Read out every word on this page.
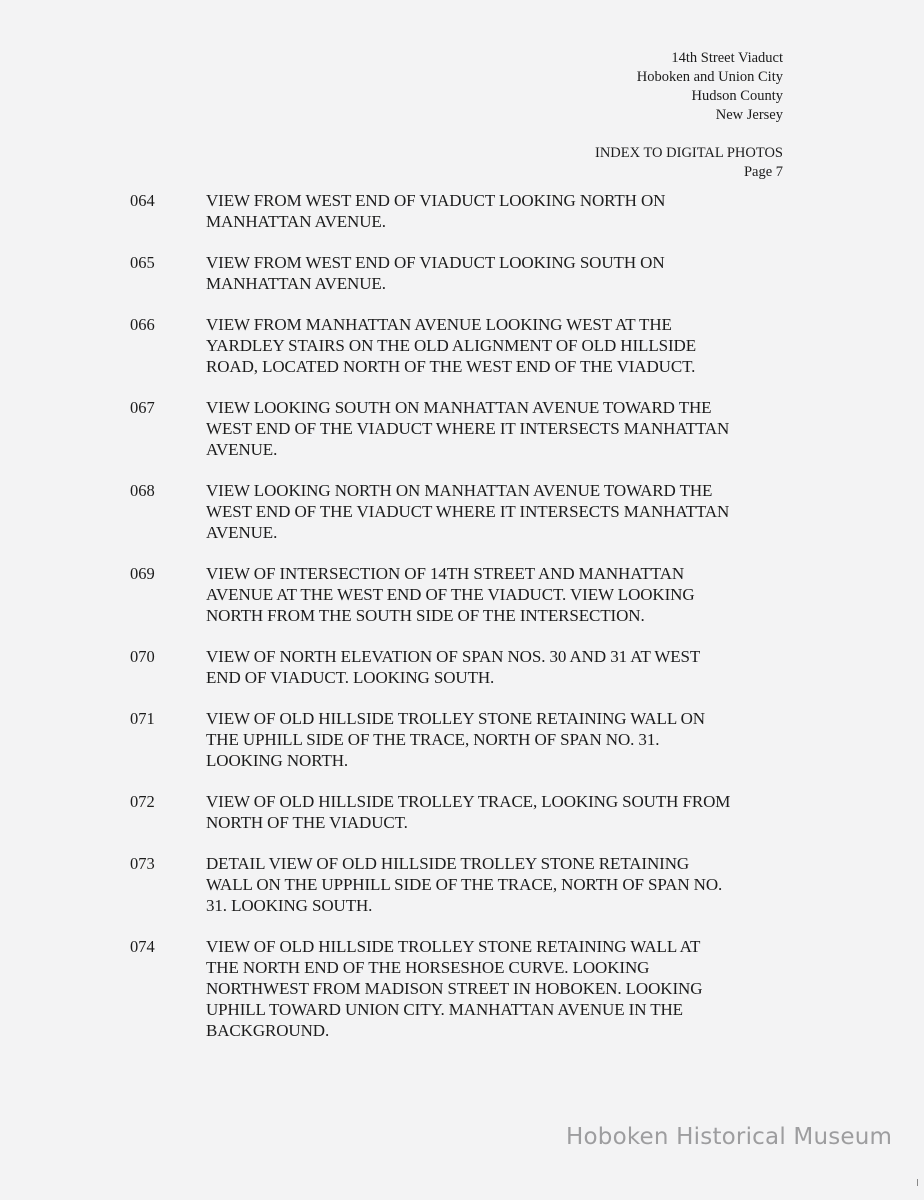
14th Street Viaduct
Hoboken and Union City
Hudson County
New Jersey
INDEX TO DIGITAL PHOTOS
Page 7
064	VIEW FROM WEST END OF VIADUCT LOOKING NORTH ON
MANHATTAN AVENUE.
065	VIEW FROM WEST END OF VIADUCT LOOKING SOUTH ON
MANHATTAN AVENUE.
066	VIEW FROM MANHATTAN AVENUE LOOKING WEST AT THE
YARDLEY STAIRS ON THE OLD ALIGNMENT OF OLD HILLSIDE
ROAD, LOCATED NORTH OF THE WEST END OF THE VIADUCT.
067	VIEW LOOKING SOUTH ON MANHATTAN AVENUE TOWARD THE
WEST END OF THE VIADUCT WHERE IT INTERSECTS MANHATTAN
AVENUE.
068	VIEW LOOKING NORTH ON MANHATTAN AVENUE TOWARD THE
WEST END OF THE VIADUCT WHERE IT INTERSECTS MANHATTAN
AVENUE.
069	VIEW OF INTERSECTION OF 14TH STREET AND MANHATTAN
AVENUE AT THE WEST END OF THE VIADUCT. VIEW LOOKING
NORTH FROM THE SOUTH SIDE OF THE INTERSECTION.
070	VIEW OF NORTH ELEVATION OF SPAN NOS. 30 AND 31 AT WEST
END OF VIADUCT. LOOKING SOUTH.
071	VIEW OF OLD HILLSIDE TROLLEY STONE RETAINING WALL ON
THE UPHILL SIDE OF THE TRACE, NORTH OF SPAN NO. 31.
LOOKING NORTH.
072	VIEW OF OLD HILLSIDE TROLLEY TRACE, LOOKING SOUTH FROM
NORTH OF THE VIADUCT.
073	DETAIL VIEW OF OLD HILLSIDE TROLLEY STONE RETAINING
WALL ON THE UPPHILL SIDE OF THE TRACE, NORTH OF SPAN NO.
31. LOOKING SOUTH.
074	VIEW OF OLD HILLSIDE TROLLEY STONE RETAINING WALL AT
THE NORTH END OF THE HORSESHOE CURVE. LOOKING
NORTHWEST FROM MADISON STREET IN HOBOKEN. LOOKING
UPHILL TOWARD UNION CITY. MANHATTAN AVENUE IN THE
BACKGROUND.
Hoboken Historical Museum
